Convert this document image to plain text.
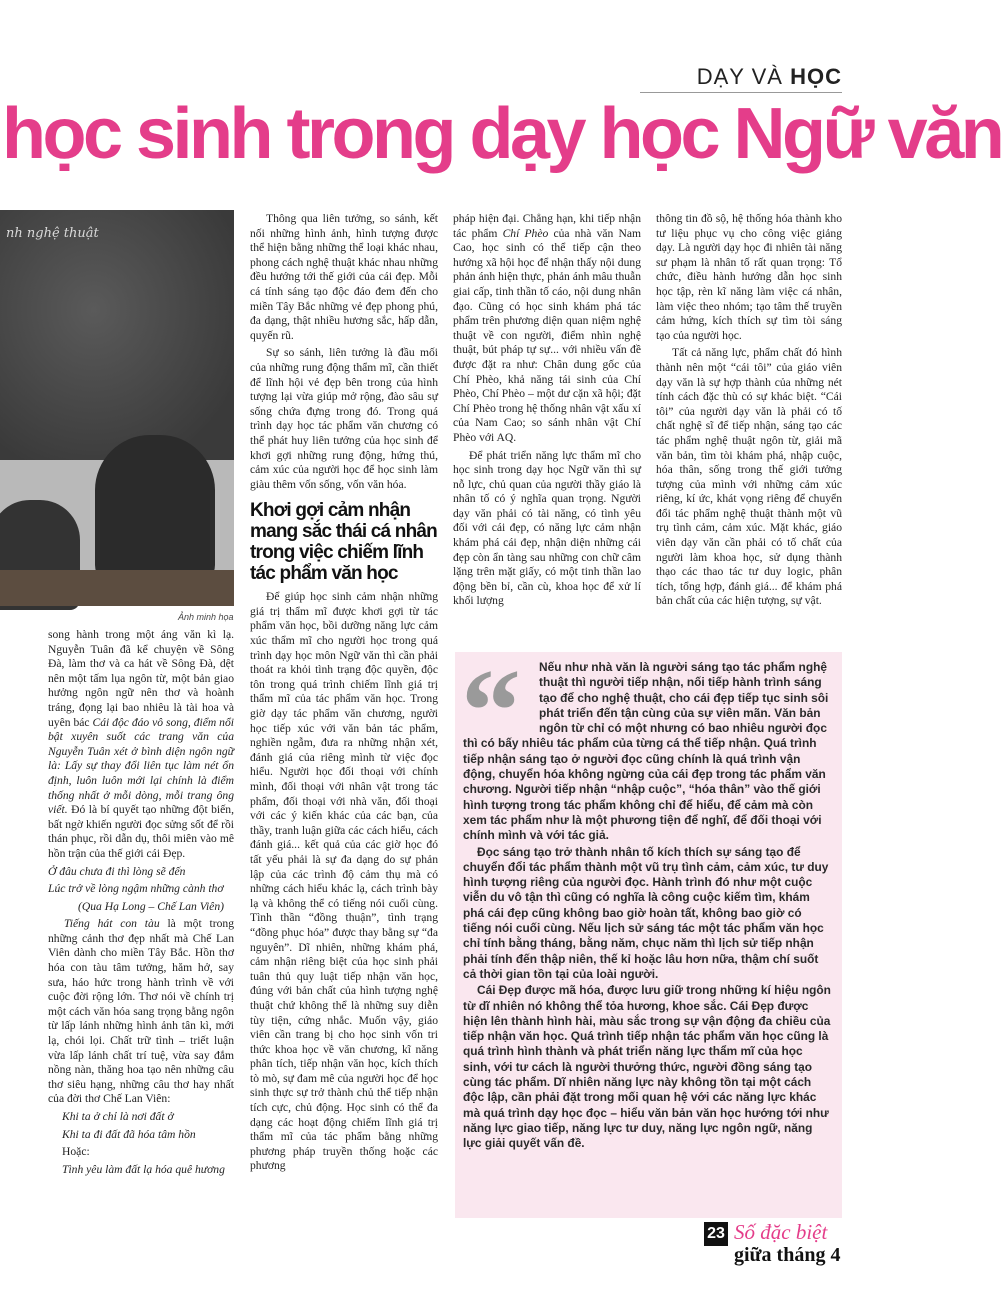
DẠY VÀ HỌC
học sinh trong dạy học Ngữ văn
nh nghệ thuật
Ảnh minh họa

song hành trong một áng văn kì lạ. Nguyễn Tuân đã kể chuyện về Sông Đà, làm thơ và ca hát về Sông Đà, dệt nên một tấm lụa ngôn từ, một bản giao hưởng ngôn ngữ nên thơ và hoành tráng, đọng lại bao nhiêu là tài hoa và uyên bác Cái độc đáo vô song, điểm nổi bật xuyên suốt các trang văn của Nguyễn Tuân xét ở bình diện ngôn ngữ là: Lấy sự thay đổi liên tục làm nét ổn định, luôn luôn mới lại chính là điểm thống nhất ở mỗi dòng, mỗi trang ông viết. Đó là bí quyết tạo những đột biến, bất ngờ khiến người đọc sửng sốt để rồi thán phục, rồi dẫn dụ, thôi miên vào mê hồn trận của thế giới cái Đẹp.

Ở đâu chưa đi thì lòng sẽ đến
Lúc trở về lòng ngậm những cành thơ
(Qua Hạ Long – Chế Lan Viên)

Tiếng hát con tàu là một trong những cảnh thơ đẹp nhất mà Chế Lan Viên dành cho miền Tây Bắc. Hồn thơ hóa con tàu tâm tưởng, hăm hở, say sưa, háo hức trong hành trình về với cuộc đời rộng lớn. Thơ nói về chính trị một cách văn hóa sang trọng bằng ngôn từ lấp lánh những hình ảnh tân kì, mới lạ, chói lọi. Chất trữ tình – triết luận vừa lấp lánh chất trí tuệ, vừa say đắm nồng nàn, thăng hoa tạo nên những câu thơ siêu hạng, những câu thơ hay nhất của đời thơ Chế Lan Viên:

Khi ta ở chỉ là nơi đất ở
Khi ta đi đất đã hóa tâm hồn
Hoặc:
Tình yêu làm đất lạ hóa quê hương

Thông qua liên tưởng, so sánh, kết nối những hình ảnh, hình tượng được thể hiện bằng những thể loại khác nhau, phong cách nghệ thuật khác nhau những đều hướng tới thế giới của cái đẹp. Mỗi cá tính sáng tạo độc đáo đem đến cho miền Tây Bắc những vẻ đẹp phong phú, đa dạng, thật nhiều hương sắc, hấp dẫn, quyến rũ.

Sự so sánh, liên tưởng là đầu mối của những rung động thẩm mĩ, cần thiết để lĩnh hội vẻ đẹp bên trong của hình tượng lại vừa giúp mở rộng, đào sâu sự sống chứa đựng trong đó. Trong quá trình dạy học tác phẩm văn chương có thể phát huy liên tưởng của học sinh để khơi gợi những rung động, hứng thú, cảm xúc của người học để học sinh làm giàu thêm vốn sống, vốn văn hóa.

Khơi gợi cảm nhận mang sắc thái cá nhân trong việc chiếm lĩnh tác phẩm văn học

Để giúp học sinh cảm nhận những giá trị thẩm mĩ được khơi gợi từ tác phẩm văn học, bồi dưỡng năng lực cảm xúc thẩm mĩ cho người học trong quá trình dạy học môn Ngữ văn thì cần phải thoát ra khỏi tình trạng độc quyền, độc tôn trong quá trình chiếm lĩnh giá trị thẩm mĩ của tác phẩm văn học. Trong giờ dạy tác phẩm văn chương, người học tiếp xúc với văn bản tác phẩm, nghiền ngẫm, đưa ra những nhận xét, đánh giá của riêng mình từ việc đọc hiểu. Người học đối thoại với chính mình, đối thoại với nhân vật trong tác phẩm, đối thoại với nhà văn, đối thoại với các ý kiến khác của các bạn, của thầy, tranh luận giữa các cách hiểu, cách đánh giá... kết quả của các giờ học đó tất yếu phải là sự đa dạng do sự phản lập của các trình độ cảm thụ mà có những cách hiểu khác lạ, cách trình bày lạ và không thể có tiếng nói cuối cùng. Tình thần “đồng thuận”, tình trạng “đồng phục hóa” được thay bằng sự “đa nguyên”. Dĩ nhiên, những khám phá, cảm nhận riêng biệt của học sinh phải tuân thủ quy luật tiếp nhận văn học, đúng với bản chất của hình tượng nghệ thuật chứ không thể là những suy diễn tùy tiện, cứng nhắc. Muốn vậy, giáo viên cần trang bị cho học sinh vốn tri thức khoa học về văn chương, kĩ năng phân tích, tiếp nhận văn học, kích thích tò mò, sự đam mê của người học để học sinh thực sự trở thành chủ thể tiếp nhận tích cực, chủ động. Học sinh có thể đa dạng các hoạt động chiếm lĩnh giá trị thẩm mĩ của tác phẩm bằng những phương pháp truyền thống hoặc các phương

pháp hiện đại. Chẳng hạn, khi tiếp nhận tác phẩm Chí Phèo của nhà văn Nam Cao, học sinh có thể tiếp cận theo hướng xã hội học để nhận thấy nội dung phản ánh hiện thực, phản ánh mâu thuẫn giai cấp, tinh thần tố cáo, nội dung nhân đạo. Cũng có học sinh khám phá tác phẩm trên phương diện quan niệm nghệ thuật về con người, điểm nhìn nghệ thuật, bút pháp tự sự... với nhiều vấn đề được đặt ra như: Chân dung gốc của Chí Phèo, khả năng tái sinh của Chí Phèo, Chí Phèo – một dư cặn xã hội; đặt Chí Phèo trong hệ thống nhân vật xấu xí của Nam Cao; so sánh nhân vật Chí Phèo với AQ.

Để phát triển năng lực thẩm mĩ cho học sinh trong dạy học Ngữ văn thì sự nỗ lực, chủ quan của người thầy giáo là nhân tố có ý nghĩa quan trọng. Người dạy văn phải có tài năng, có tình yêu đối với cái đẹp, có năng lực cảm nhận khám phá cái đẹp, nhận diện những cái đẹp còn ẩn tàng sau những con chữ câm lặng trên mặt giấy, có một tinh thần lao động bền bỉ, cần cù, khoa học để xử lí khối lượng

thông tin đồ sộ, hệ thống hóa thành kho tư liệu phục vụ cho công việc giảng dạy. Là người dạy học đi nhiên tài năng sư phạm là nhân tố rất quan trọng: Tổ chức, điều hành hướng dẫn học sinh học tập, rèn kĩ năng làm việc cá nhân, làm việc theo nhóm; tạo tâm thế truyền cảm hứng, kích thích sự tìm tòi sáng tạo của người học.

Tất cả năng lực, phẩm chất đó hình thành nên một “cái tôi” của giáo viên dạy văn là sự hợp thành của những nét tính cách đặc thù có sự khác biệt. “Cái tôi” của người dạy văn là phải có tố chất nghệ sĩ để tiếp nhận, sáng tạo các tác phẩm nghệ thuật ngôn từ, giải mã văn bản, tìm tòi khám phá, nhập cuộc, hóa thân, sống trong thế giới tưởng tượng của mình với những cảm xúc riêng, kí ức, khát vọng riêng để chuyển đổi tác phẩm nghệ thuật thành một vũ trụ tình cảm, cảm xúc. Mặt khác, giáo viên dạy văn cần phải có tố chất của người làm khoa học, sử dụng thành thạo các thao tác tư duy logic, phân tích, tổng hợp, đánh giá... để khám phá bản chất của các hiện tượng, sự vật.

“	Nếu như nhà văn là người sáng tạo tác phẩm nghệ thuật thì người tiếp nhận, nối tiếp hành trình sáng tạo để cho nghệ thuật, cho cái đẹp tiếp tục sinh sôi phát triển đến tận cùng của sự viên mãn. Văn bản ngôn từ chỉ có một nhưng có bao nhiêu người đọc thì có bấy nhiêu tác phẩm của từng cá thể tiếp nhận. Quá trình tiếp nhận sáng tạo ở người đọc cũng chính là quá trình vận động, chuyển hóa không ngừng của cái đẹp trong tác phẩm văn chương. Người tiếp nhận “nhập cuộc”, “hóa thân” vào thế giới hình tượng trong tác phẩm không chỉ để hiểu, để cảm mà còn xem tác phẩm như là một phương tiện để nghĩ, để đối thoại với chính mình và với tác giả.

Đọc sáng tạo trở thành nhân tố kích thích sự sáng tạo để chuyển đổi tác phẩm thành một vũ trụ tình cảm, cảm xúc, tư duy hình tượng riêng của người đọc. Hành trình đó như một cuộc viễn du vô tận thì cũng có nghĩa là công cuộc kiếm tìm, khám phá cái đẹp cũng không bao giờ hoàn tất, không bao giờ có tiếng nói cuối cùng. Nếu lịch sử sáng tác một tác phẩm văn học chỉ tính bằng tháng, bằng năm, chục năm thì lịch sử tiếp nhận phải tính đến thập niên, thế kỉ hoặc lâu hơn nữa, thậm chí suốt cả thời gian tồn tại của loài người.

Cái Đẹp được mã hóa, được lưu giữ trong những kí hiệu ngôn từ dĩ nhiên nó không thể tỏa hương, khoe sắc. Cái Đẹp được hiện lên thành hình hài, màu sắc trong sự vận động đa chiều của tiếp nhận văn học. Quá trình tiếp nhận tác phẩm văn học cũng là quá trình hình thành và phát triển năng lực thẩm mĩ của học sinh, với tư cách là người thưởng thức, người đồng sáng tạo cùng tác phẩm. Dĩ nhiên năng lực này không tồn tại một cách độc lập, cần phải đặt trong mối quan hệ với các năng lực khác mà quá trình dạy học đọc – hiểu văn bản văn học hướng tới như năng lực giao tiếp, năng lực tư duy, năng lực ngôn ngữ, năng lực giải quyết vấn đề.

23 Số đặc biệt
giữa tháng 4
